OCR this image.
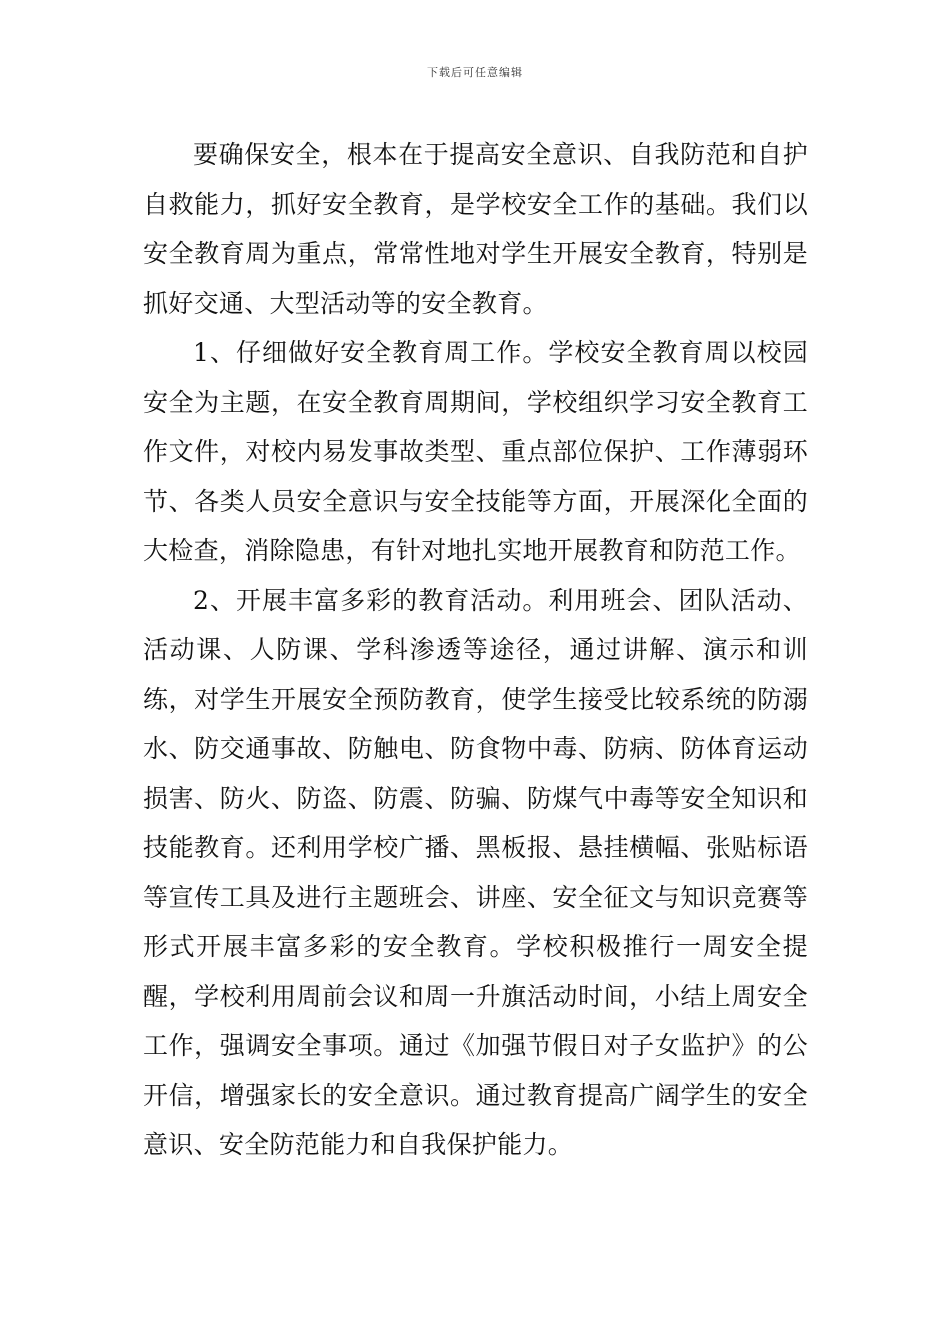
下载后可任意编辑

要确保安全，根本在于提高安全意识、自我防范和自护自救能力，抓好安全教育，是学校安全工作的基础。我们以安全教育周为重点，常常性地对学生开展安全教育，特别是抓好交通、大型活动等的安全教育。

1、仔细做好安全教育周工作。学校安全教育周以校园安全为主题，在安全教育周期间，学校组织学习安全教育工作文件，对校内易发事故类型、重点部位保护、工作薄弱环节、各类人员安全意识与安全技能等方面，开展深化全面的大检查，消除隐患，有针对地扎实地开展教育和防范工作。

2、开展丰富多彩的教育活动。利用班会、团队活动、活动课、人防课、学科渗透等途径，通过讲解、演示和训练，对学生开展安全预防教育，使学生接受比较系统的防溺水、防交通事故、防触电、防食物中毒、防病、防体育运动损害、防火、防盗、防震、防骗、防煤气中毒等安全知识和技能教育。还利用学校广播、黑板报、悬挂横幅、张贴标语等宣传工具及进行主题班会、讲座、安全征文与知识竞赛等形式开展丰富多彩的安全教育。学校积极推行一周安全提醒，学校利用周前会议和周一升旗活动时间，小结上周安全工作，强调安全事项。通过《加强节假日对子女监护》的公开信，增强家长的安全意识。通过教育提高广阔学生的安全意识、安全防范能力和自我保护能力。
